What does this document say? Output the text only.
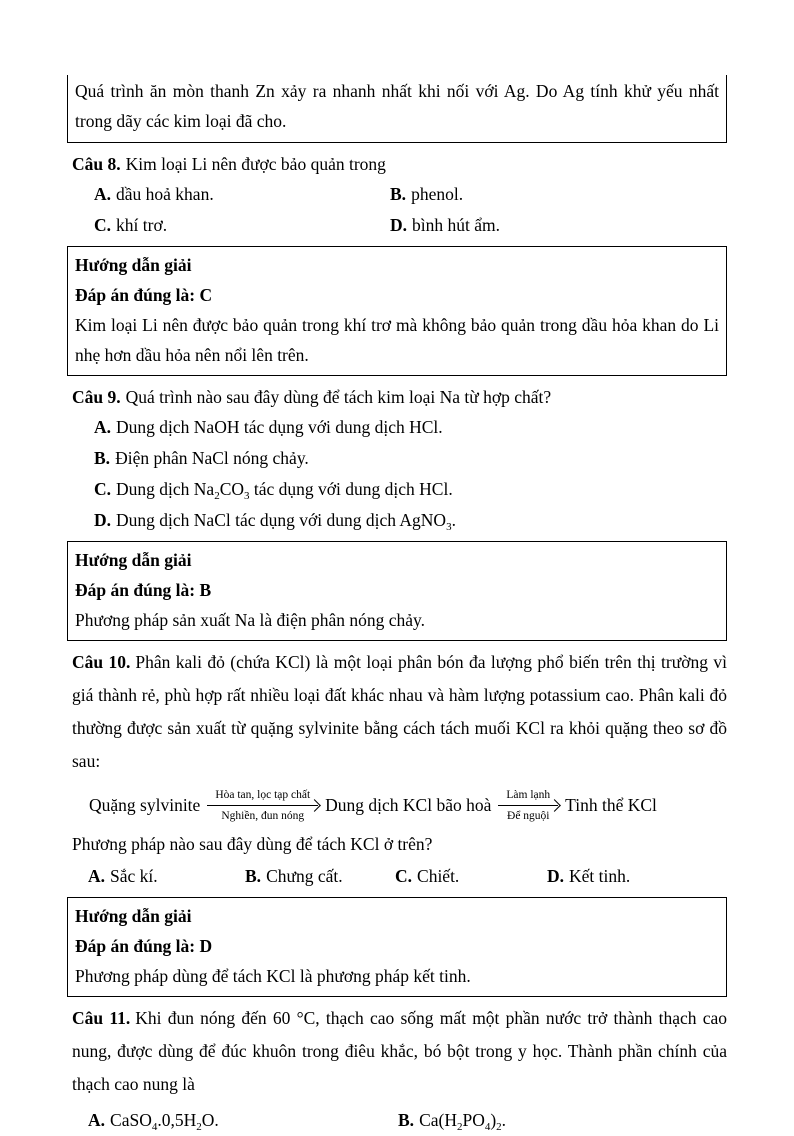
Quá trình ăn mòn thanh Zn xảy ra nhanh nhất khi nối với Ag. Do Ag tính khử yếu nhất trong dãy các kim loại đã cho.
Câu 8. Kim loại Li nên được bảo quản trong
A. dầu hoả khan.	B. phenol.
C. khí trơ.	D. bình hút ẩm.
Hướng dẫn giải
Đáp án đúng là: C
Kim loại Li nên được bảo quản trong khí trơ mà không bảo quản trong dầu hỏa khan do Li nhẹ hơn dầu hỏa nên nổi lên trên.
Câu 9. Quá trình nào sau đây dùng để tách kim loại Na từ hợp chất?
A. Dung dịch NaOH tác dụng với dung dịch HCl.
B. Điện phân NaCl nóng chảy.
C. Dung dịch $Na_2CO_3$ tác dụng với dung dịch HCl.
D. Dung dịch NaCl tác dụng với dung dịch AgNO$_3$.
Hướng dẫn giải
Đáp án đúng là: B
Phương pháp sản xuất Na là điện phân nóng chảy.
Câu 10. Phân kali đỏ (chứa KCl) là một loại phân bón đa lượng phổ biến trên thị trường vì giá thành rẻ, phù hợp rất nhiều loại đất khác nhau và hàm lượng potassium cao. Phân kali đỏ thường được sản xuất từ quặng sylvinite bằng cách tách muối KCl ra khỏi quặng theo sơ đồ sau:
Quặng sylvinite	Hòa tan, lọc tạp chất
Nghiền, đun nóng
Dung dịch KCl bão hoà	Làm lạnh
Để nguội
Tinh thể KCl
Phương pháp nào sau đây dùng để tách KCl ở trên?
A. Sắc kí.	B. Chưng cất.	C. Chiết.	D. Kết tinh.
Hướng dẫn giải
Đáp án đúng là: D
Phương pháp dùng để tách KCl là phương pháp kết tinh.
Câu 11. Khi đun nóng đến 60 °C, thạch cao sống mất một phần nước trở thành thạch cao nung, được dùng để đúc khuôn trong điêu khắc, bó bột trong y học. Thành phần chính của thạch cao nung là
A. $CaSO_4.0,5H_2O$.	B. $Ca(H_2PO_4)_2$.
